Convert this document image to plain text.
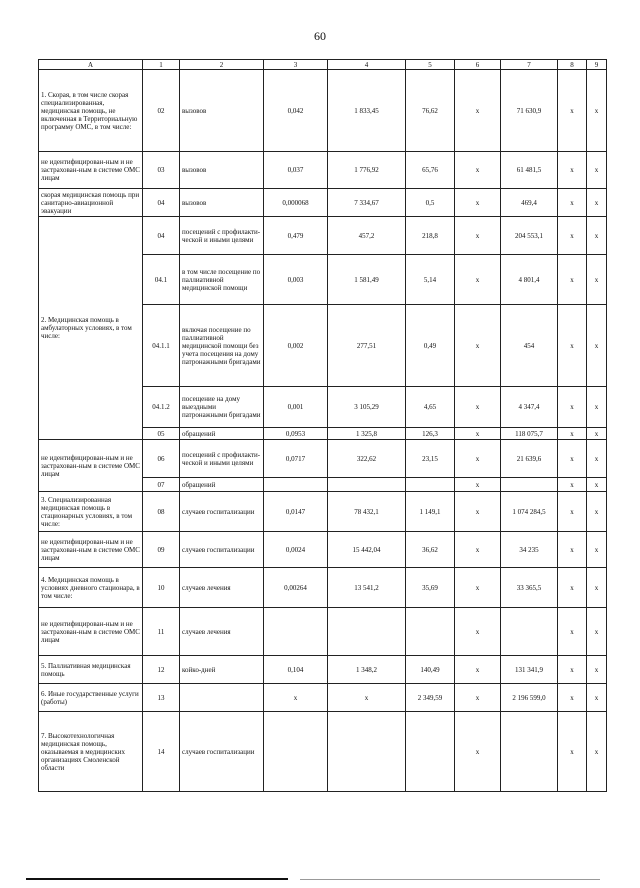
60
А	1	2	3	4	5	6	7	8	9
1. Скорая, в том числе скорая специализированная, медицинская помощь, не включенная в Территориальную программу ОМС, в том числе:	02	вызовов	0,042	1 833,45	76,62	х	71 630,9	х	х
не идентифицирован-ным и не застрахован-ным в системе ОМС лицам	03	вызовов	0,037	1 776,92	65,76	х	61 481,5	х	х
скорая медицинская помощь при санитарно-авиационной эвакуации	04	вызовов	0,000068	7 334,67	0,5	х	469,4	х	х
2. Медицинская помощь в амбулаторных условиях, в том числе:	04	посещений с профилакти-ческой и иными целями	0,479	457,2	218,8	х	204 553,1	х	х
	04.1	в том числе посещение по паллиативной медицинской помощи	0,003	1 581,49	5,14	х	4 801,4	х	х
	04.1.1	включая посещение по паллиативной медицинской помощи без учета посещения на дому патронажными бригадами	0,002	277,51	0,49	х	454	х	х
	04.1.2	посещение на дому выездными патронажными бригадами	0,001	3 105,29	4,65	х	4 347,4	х	х
	05	обращений	0,0953	1 325,8	126,3	х	118 075,7	х	х
не идентифицирован-ным и не застрахован-ным в системе ОМС лицам	06	посещений с профилакти-ческой и иными целями	0,0717	322,62	23,15	х	21 639,6	х	х
	07	обращений				х		х	х
3. Специализированная медицинская помощь в стационарных условиях, в том числе:	08	случаев госпитализации	0,0147	78 432,1	1 149,1	х	1 074 284,5	х	х
не идентифицирован-ным и не застрахован-ным в системе ОМС лицам	09	случаев госпитализации	0,0024	15 442,04	36,62	х	34 235	х	х
4. Медицинская помощь в условиях дневного стационара, в том числе:	10	случаев лечения	0,00264	13 541,2	35,69	х	33 365,5	х	х
не идентифицирован-ным и не застрахован-ным в системе ОМС лицам	11	случаев лечения				х		х	х
5. Паллиативная медицинская помощь	12	койко-дней	0,104	1 348,2	140,49	х	131 341,9	х	х
6. Иные государственные услуги (работы)	13		х	х	2 349,59	х	2 196 599,0	х	х
7. Высокотехнологичная медицинская помощь, оказываемая в медицинских организациях Смоленской области	14	случаев госпитализации				х		х	х
